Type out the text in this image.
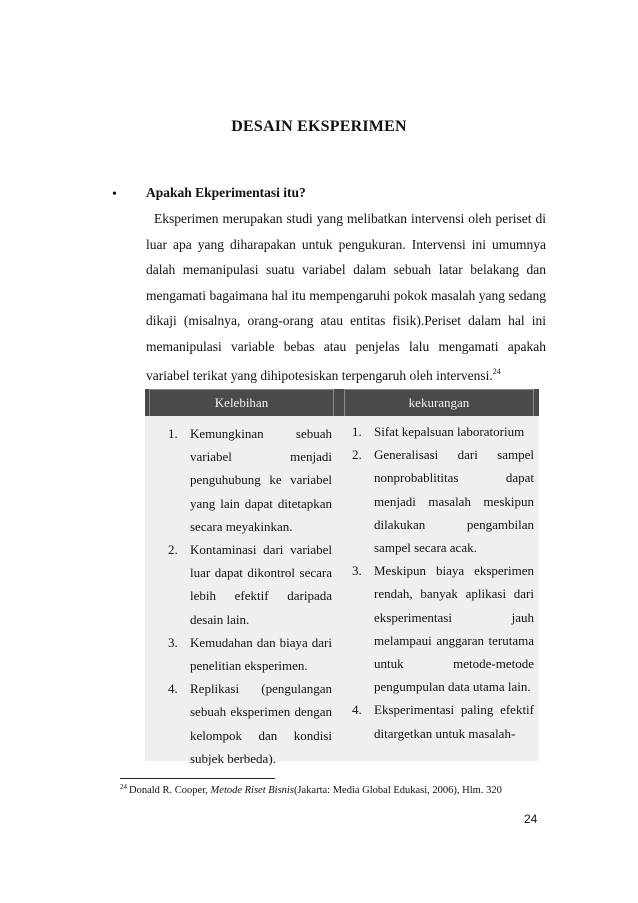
DESAIN EKSPERIMEN
• Apakah Ekperimentasi itu?

Eksperimen merupakan studi yang melibatkan intervensi oleh periset di luar apa yang diharapakan untuk pengukuran. Intervensi ini umumnya dalah memanipulasi suatu variabel dalam sebuah latar belakang dan mengamati bagaimana hal itu mempengaruhi pokok masalah yang sedang dikaji (misalnya, orang-orang atau entitas fisik).Periset dalam hal ini memanipulasi variable bebas atau penjelas lalu mengamati apakah variabel terikat yang dihipotesiskan terpengaruh oleh intervensi.$^{24}$

Kelebihan	kekurangan
1. Kemungkinan sebuah variabel menjadi penguhubung ke variabel yang lain dapat ditetapkan secara meyakinkan.
2. Kontaminasi dari variabel luar dapat dikontrol secara lebih efektif daripada desain lain.
3. Kemudahan dan biaya dari penelitian eksperimen.
4. Replikasi (pengulangan sebuah eksperimen dengan kelompok dan kondisi subjek berbeda).
1. Sifat kepalsuan laboratorium
2. Generalisasi dari sampel nonprobablititas dapat menjadi masalah meskipun dilakukan pengambilan sampel secara acak.
3. Meskipun biaya eksperimen rendah, banyak aplikasi dari eksperimentasi jauh melampaui anggaran terutama untuk metode-metode pengumpulan data utama lain.
4. Eksperimentasi paling efektif ditargetkan untuk masalah-
$^{24}$ Donald R. Cooper, Metode Riset Bisnis(Jakarta: Media Global Edukasi, 2006), Hlm. 320
24
